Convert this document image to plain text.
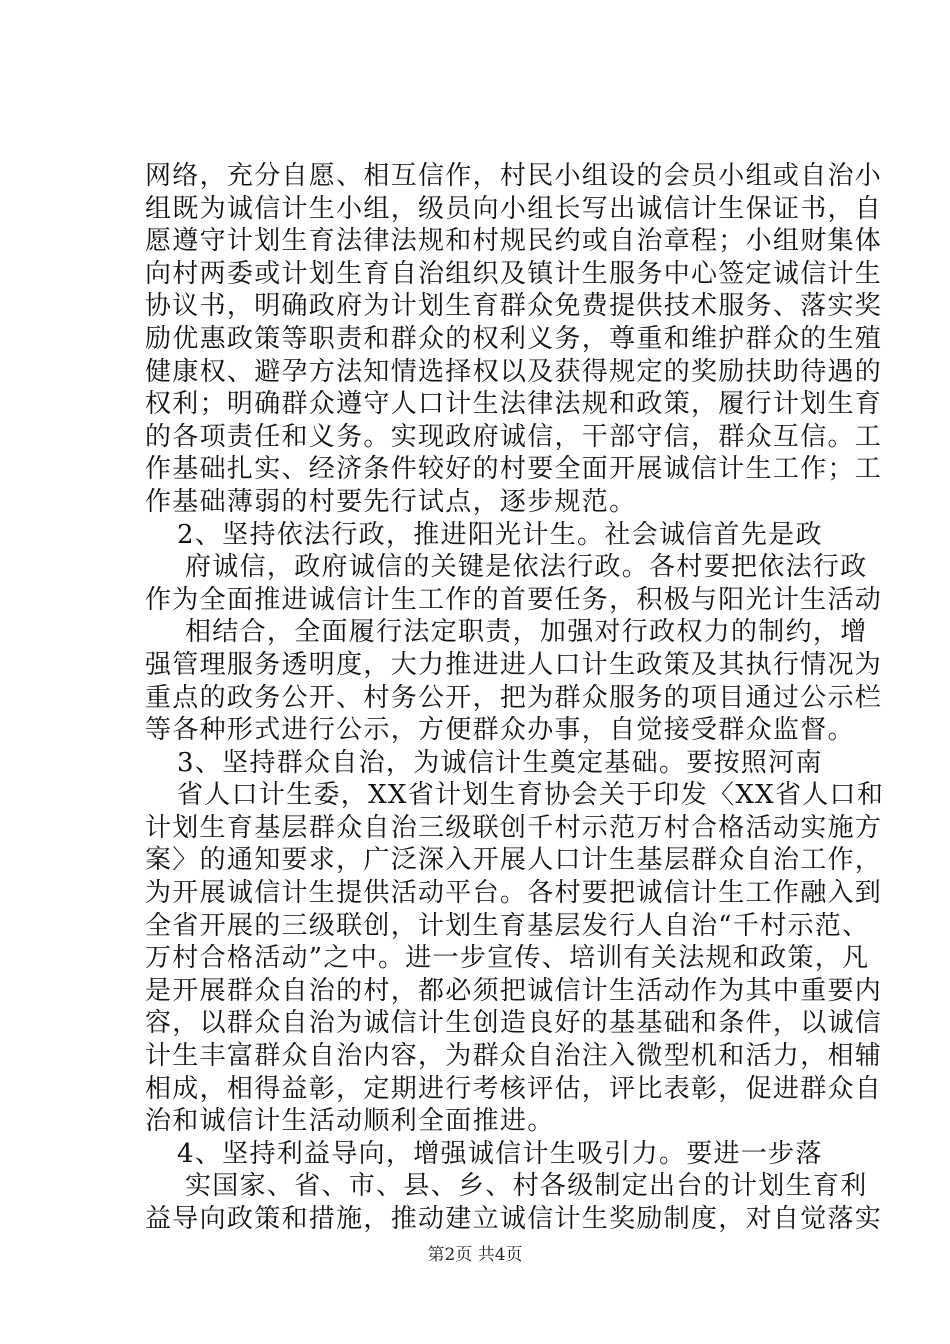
网络，充分自愿、相互信作，村民小组设的会员小组或自治小
组既为诚信计生小组，级员向小组长写出诚信计生保证书，自
愿遵守计划生育法律法规和村规民约或自治章程；小组财集体
向村两委或计划生育自治组织及镇计生服务中心签定诚信计生
协议书，明确政府为计划生育群众免费提供技术服务、落实奖
励优惠政策等职责和群众的权利义务，尊重和维护群众的生殖
健康权、避孕方法知情选择权以及获得规定的奖励扶助待遇的
权利；明确群众遵守人口计生法律法规和政策，履行计划生育
的各项责任和义务。实现政府诚信，干部守信，群众互信。工
作基础扎实、经济条件较好的村要全面开展诚信计生工作；工
作基础薄弱的村要先行试点，逐步规范。
2、坚持依法行政，推进阳光计生。社会诚信首先是政
府诚信，政府诚信的关键是依法行政。各村要把依法行政
作为全面推进诚信计生工作的首要任务，积极与阳光计生活动
相结合，全面履行法定职责，加强对行政权力的制约，增
强管理服务透明度，大力推进进人口计生政策及其执行情况为
重点的政务公开、村务公开，把为群众服务的项目通过公示栏
等各种形式进行公示，方便群众办事，自觉接受群众监督。
3、坚持群众自治，为诚信计生奠定基础。要按照河南
省人口计生委，XX省计划生育协会关于印发〈XX省人口和
计划生育基层群众自治三级联创千村示范万村合格活动实施方
案〉的通知要求，广泛深入开展人口计生基层群众自治工作，
为开展诚信计生提供活动平台。各村要把诚信计生工作融入到
全省开展的三级联创，计划生育基层发行人自治“千村示范、
万村合格活动”之中。进一步宣传、培训有关法规和政策，凡
是开展群众自治的村，都必须把诚信计生活动作为其中重要内
容，以群众自治为诚信计生创造良好的基基础和条件，以诚信
计生丰富群众自治内容，为群众自治注入微型机和活力，相辅
相成，相得益彰，定期进行考核评估，评比表彰，促进群众自
治和诚信计生活动顺利全面推进。
4、坚持利益导向，增强诚信计生吸引力。要进一步落
实国家、省、市、县、乡、村各级制定出台的计划生育利
益导向政策和措施，推动建立诚信计生奖励制度，对自觉落实
第2页 共4页
